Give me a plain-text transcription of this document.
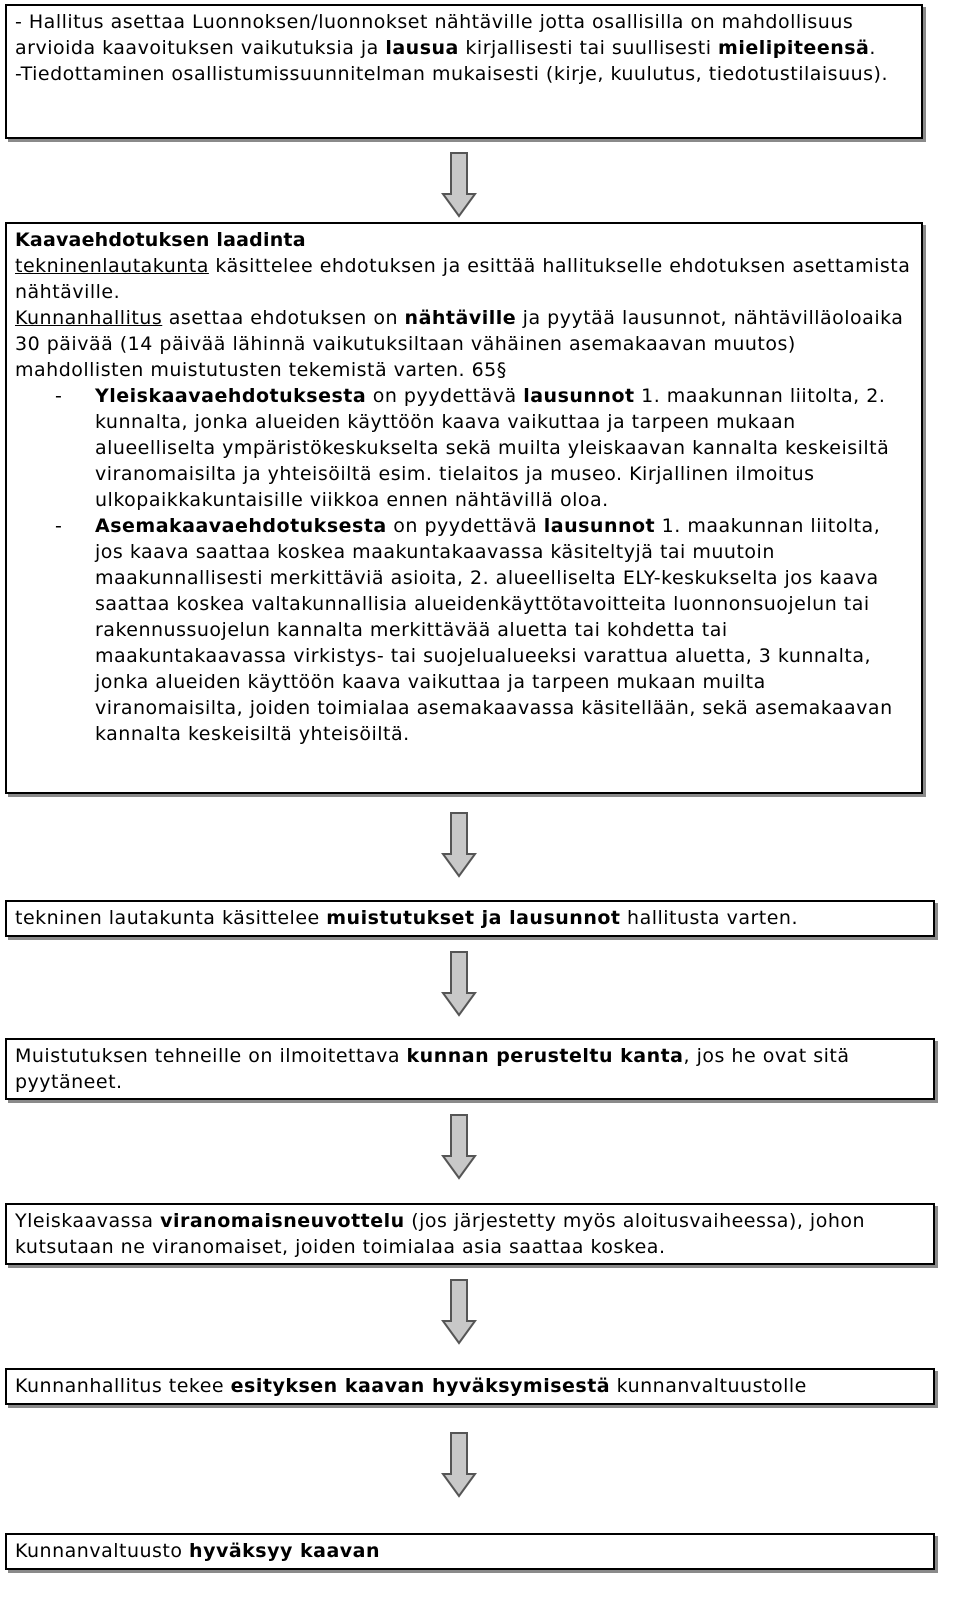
- Hallitus asettaa Luonnoksen/luonnokset nähtäville jotta osallisilla on mahdollisuus arvioida kaavoituksen vaikutuksia ja lausua kirjallisesti tai suullisesti mielipiteensä.

-Tiedottaminen osallistumissuunnitelman mukaisesti (kirje, kuulutus, tiedotustilaisuus).

Kaavaehdotuksen laadinta

tekninenlautakunta käsittelee ehdotuksen ja esittää hallitukselle ehdotuksen asettamista nähtäville.

Kunnanhallitus asettaa ehdotuksen on nähtäville ja pyytää lausunnot, nähtävilläoloaika 30 päivää (14 päivää lähinnä vaikutuksiltaan vähäinen asemakaavan muutos) mahdollisten muistutusten tekemistä varten. 65§

- Yleiskaavaehdotuksesta on pyydettävä lausunnot 1. maakunnan liitolta, 2. kunnalta, jonka alueiden käyttöön kaava vaikuttaa ja tarpeen mukaan alueelliselta ympäristökeskukselta sekä muilta yleiskaavan kannalta keskeisiltä viranomaisilta ja yhteisöiltä esim. tielaitos ja museo. Kirjallinen ilmoitus ulkopaikkakuntaisille viikkoa ennen nähtävillä oloa.

- Asemakaavaehdotuksesta on pyydettävä lausunnot 1. maakunnan liitolta, jos kaava saattaa koskea maakuntakaavassa käsiteltyjä tai muutoin maakunnallisesti merkittäviä asioita, 2. alueelliselta ELY-keskukselta jos kaava saattaa koskea valtakunnallisia alueidenkäyttötavoitteita luonnonsuojelun tai rakennussuojelun kannalta merkittävää aluetta tai kohdetta tai maakuntakaavassa virkistys- tai suojelualueeksi varattua aluetta, 3 kunnalta, jonka alueiden käyttöön kaava vaikuttaa ja tarpeen mukaan muilta viranomaisilta, joiden toimialaa asemakaavassa käsitellään, sekä asemakaavan kannalta keskeisiltä yhteisöiltä.

tekninen lautakunta käsittelee muistutukset ja lausunnot hallitusta varten.

Muistutuksen tehneille on ilmoitettava kunnan perusteltu kanta, jos he ovat sitä pyytäneet.

Yleiskaavassa viranomaisneuvottelu (jos järjestetty myös aloitusvaiheessa), johon kutsutaan ne viranomaiset, joiden toimialaa asia saattaa koskea.

Kunnanhallitus tekee esityksen kaavan hyväksymisestä kunnanvaltuustolle

Kunnanvaltuusto hyväksyy kaavan
